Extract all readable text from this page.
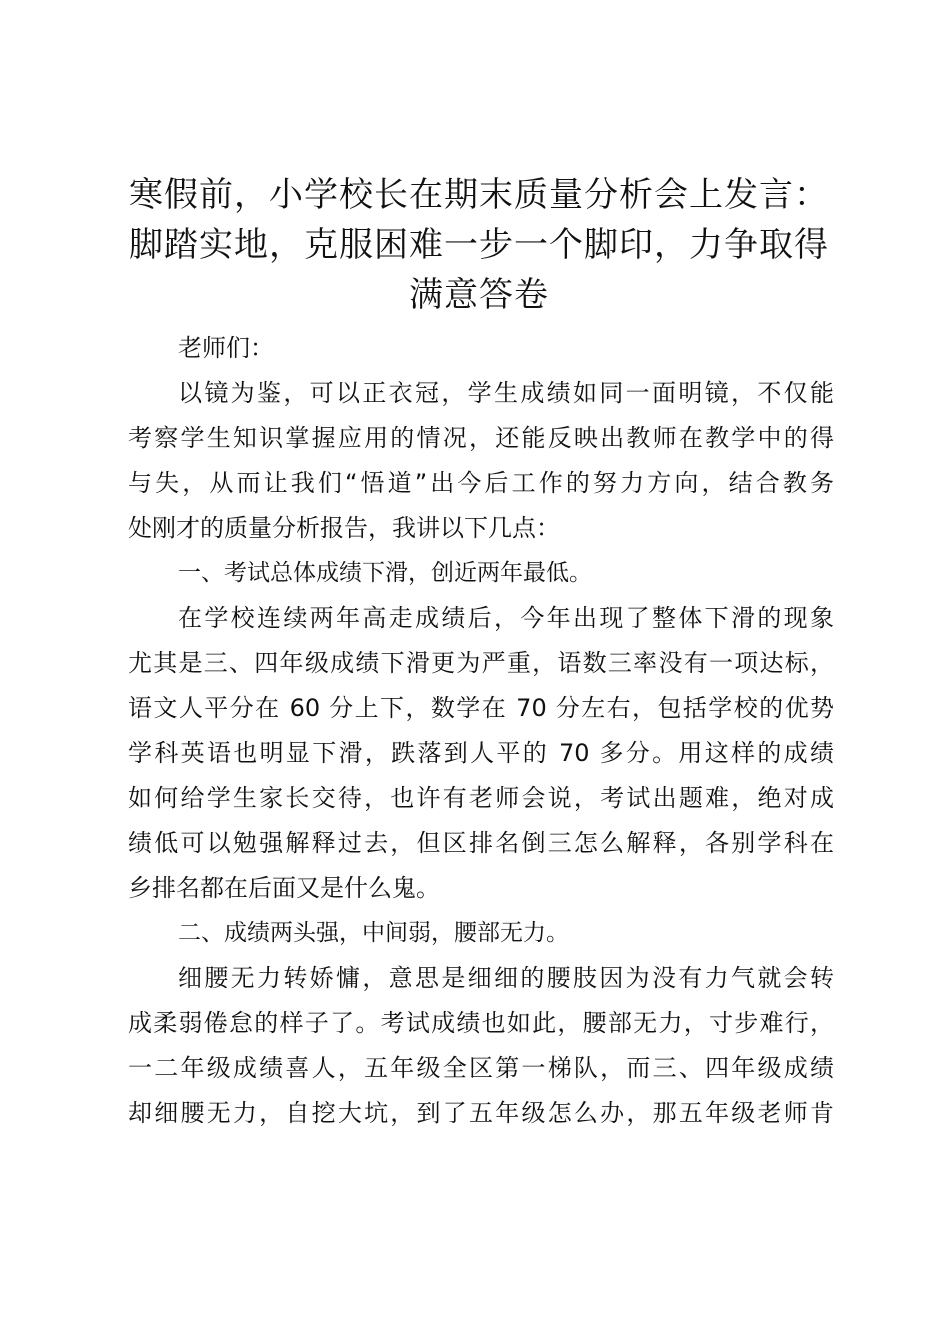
寒假前，小学校长在期末质量分析会上发言：
脚踏实地，克服困难一步一个脚印，力争取得
满意答卷
老师们：
以镜为鉴，可以正衣冠，学生成绩如同一面明镜，不仅能
考察学生知识掌握应用的情况，还能反映出教师在教学中的得
与失，从而让我们“悟道”出今后工作的努力方向，结合教务
处刚才的质量分析报告，我讲以下几点：
一、考试总体成绩下滑，创近两年最低。
在学校连续两年高走成绩后，今年出现了整体下滑的现象
尤其是三、四年级成绩下滑更为严重，语数三率没有一项达标，
语文人平分在 60 分上下，数学在 70 分左右，包括学校的优势
学科英语也明显下滑，跌落到人平的 70 多分。用这样的成绩
如何给学生家长交待，也许有老师会说，考试出题难，绝对成
绩低可以勉强解释过去，但区排名倒三怎么解释，各别学科在
乡排名都在后面又是什么鬼。
二、成绩两头强，中间弱，腰部无力。
细腰无力转娇慵，意思是细细的腰肢因为没有力气就会转
成柔弱倦怠的样子了。考试成绩也如此，腰部无力，寸步难行，
一二年级成绩喜人，五年级全区第一梯队，而三、四年级成绩
却细腰无力，自挖大坑，到了五年级怎么办，那五年级老师肯
